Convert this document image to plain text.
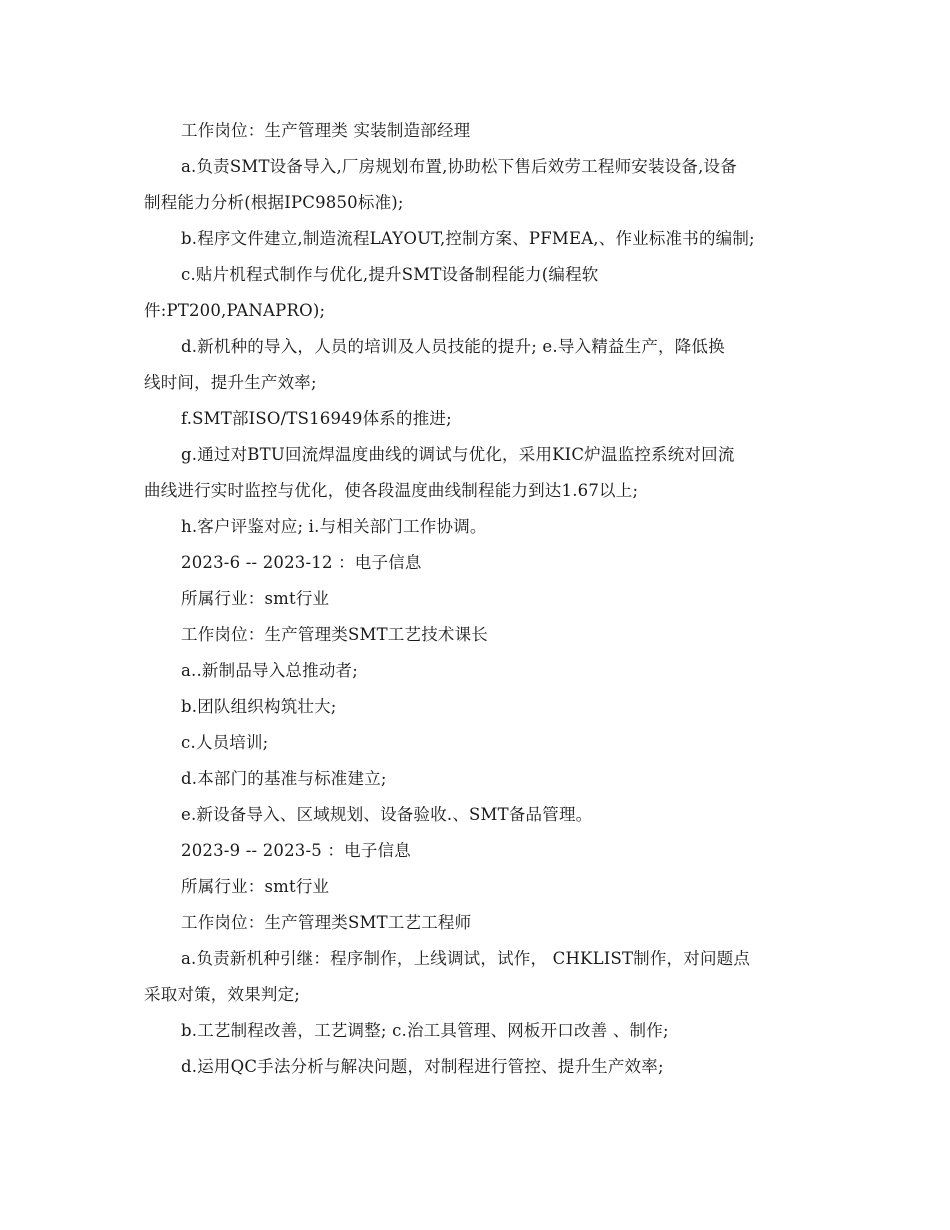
工作岗位：生产管理类 实装制造部经理

a.负责SMT设备导入,厂房规划布置,协助松下售后效劳工程师安装设备,设备

制程能力分析(根据IPC9850标准);

b.程序文件建立,制造流程LAYOUT,控制方案、PFMEA,、作业标准书的编制;

c.贴片机程式制作与优化,提升SMT设备制程能力(编程软

件:PT200,PANAPRO);

d.新机种的导入，人员的培训及人员技能的提升; e.导入精益生产，降低换

线时间，提升生产效率;

f.SMT部ISO/TS16949体系的推进;

g.通过对BTU回流焊温度曲线的调试与优化，采用KIC炉温监控系统对回流

曲线进行实时监控与优化，使各段温度曲线制程能力到达1.67以上;

h.客户评鉴对应; i.与相关部门工作协调。

2023-6 -- 2023-12 ：电子信息

所属行业：smt行业

工作岗位：生产管理类SMT工艺技术课长

a..新制品导入总推动者;

b.团队组织构筑壮大;

c.人员培训;

d.本部门的基准与标准建立;

e.新设备导入、区域规划、设备验收.、SMT备品管理。

2023-9 -- 2023-5 ：电子信息

所属行业：smt行业

工作岗位：生产管理类SMT工艺工程师

a.负责新机种引继：程序制作，上线调试，试作， CHKLIST制作，对问题点

采取对策，效果判定;

b.工艺制程改善，工艺调整; c.治工具管理、网板开口改善 、制作;

d.运用QC手法分析与解决问题，对制程进行管控、提升生产效率;
